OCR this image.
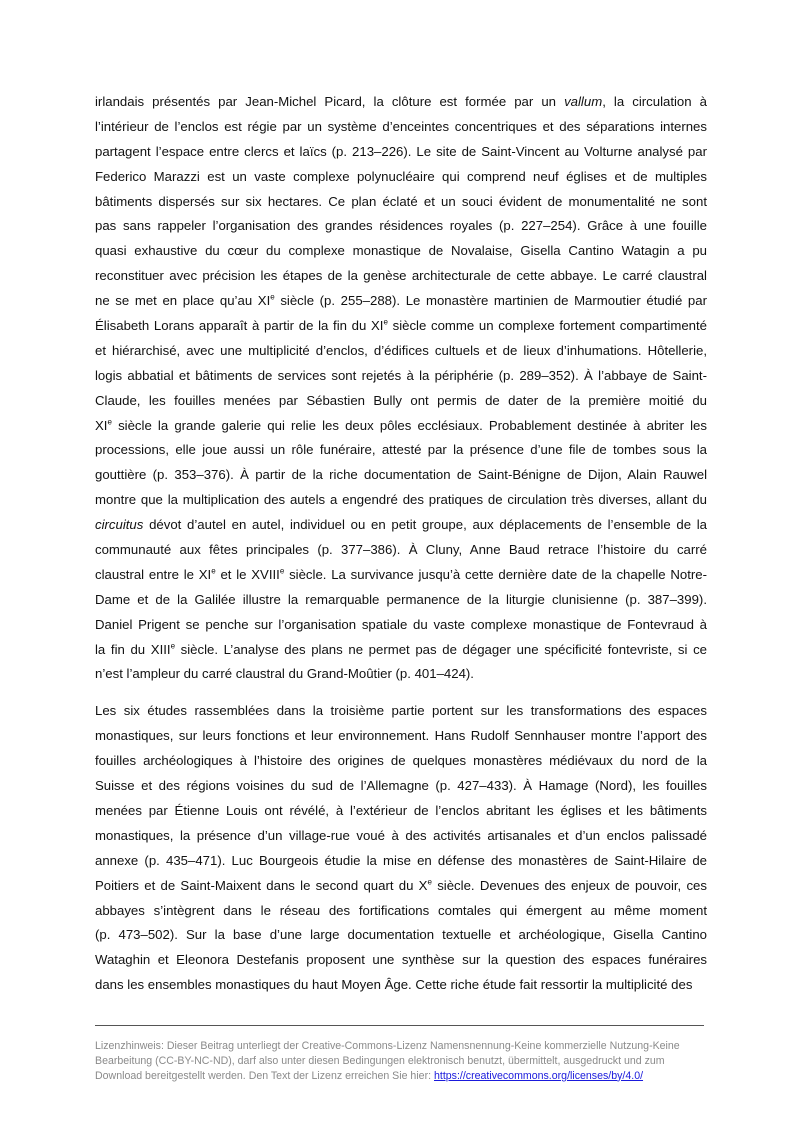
irlandais présentés par Jean-Michel Picard, la clôture est formée par un vallum, la circulation à
l’intérieur de l’enclos est régie par un système d’enceintes concentriques et des séparations internes
partagent l’espace entre clercs et laïcs (p. 213–226). Le site de Saint-Vincent au Volturne analysé par
Federico Marazzi est un vaste complexe polynucléaire qui comprend neuf églises et de multiples
bâtiments dispersés sur six hectares. Ce plan éclaté et un souci évident de monumentalité ne sont
pas sans rappeler l’organisation des grandes résidences royales (p. 227–254). Grâce à une fouille
quasi exhaustive du cœur du complexe monastique de Novalaise, Gisella Cantino Watagin a pu
reconstituer avec précision les étapes de la genèse architecturale de cette abbaye. Le carré claustral
ne se met en place qu’au XIe siècle (p. 255–288). Le monastère martinien de Marmoutier étudié par
Élisabeth Lorans apparaît à partir de la fin du XIe siècle comme un complexe fortement compartimenté
et hiérarchisé, avec une multiplicité d’enclos, d’édifices cultuels et de lieux d’inhumations. Hôtellerie,
logis abbatial et bâtiments de services sont rejetés à la périphérie (p. 289–352). À l’abbaye de Saint-
Claude, les fouilles menées par Sébastien Bully ont permis de dater de la première moitié du
XIe siècle la grande galerie qui relie les deux pôles ecclésiaux. Probablement destinée à abriter les
processions, elle joue aussi un rôle funéraire, attesté par la présence d’une file de tombes sous la
gouttière (p. 353–376). À partir de la riche documentation de Saint-Bénigne de Dijon, Alain Rauwel
montre que la multiplication des autels a engendré des pratiques de circulation très diverses, allant du
circuitus dévot d’autel en autel, individuel ou en petit groupe, aux déplacements de l’ensemble de la
communauté aux fêtes principales (p. 377–386). À Cluny, Anne Baud retrace l’histoire du carré
claustral entre le XIe et le XVIIIe siècle. La survivance jusqu’à cette dernière date de la chapelle Notre-
Dame et de la Galilée illustre la remarquable permanence de la liturgie clunisienne (p. 387–399).
Daniel Prigent se penche sur l’organisation spatiale du vaste complexe monastique de Fontevraud à
la fin du XIIIe siècle. L’analyse des plans ne permet pas de dégager une spécificité fontevriste, si ce
n’est l’ampleur du carré claustral du Grand-Moûtier (p. 401–424).
Les six études rassemblées dans la troisième partie portent sur les transformations des espaces
monastiques, sur leurs fonctions et leur environnement. Hans Rudolf Sennhauser montre l’apport des
fouilles archéologiques à l’histoire des origines de quelques monastères médiévaux du nord de la
Suisse et des régions voisines du sud de l’Allemagne (p. 427–433). À Hamage (Nord), les fouilles
menées par Étienne Louis ont révélé, à l’extérieur de l’enclos abritant les églises et les bâtiments
monastiques, la présence d’un village-rue voué à des activités artisanales et d’un enclos palissadé
annexe (p. 435–471). Luc Bourgeois étudie la mise en défense des monastères de Saint-Hilaire de
Poitiers et de Saint-Maixent dans le second quart du Xe siècle. Devenues des enjeux de pouvoir, ces
abbayes s’intègrent dans le réseau des fortifications comtales qui émergent au même moment
(p. 473–502). Sur la base d’une large documentation textuelle et archéologique, Gisella Cantino
Wataghin et Eleonora Destefanis proposent une synthèse sur la question des espaces funéraires
dans les ensembles monastiques du haut Moyen Âge. Cette riche étude fait ressortir la multiplicité des
Lizenzhinweis: Dieser Beitrag unterliegt der Creative-Commons-Lizenz Namensnennung-Keine kommerzielle Nutzung-Keine
Bearbeitung (CC-BY-NC-ND), darf also unter diesen Bedingungen elektronisch benutzt, übermittelt, ausgedruckt und zum
Download bereitgestellt werden. Den Text der Lizenz erreichen Sie hier: https://creativecommons.org/licenses/by/4.0/
